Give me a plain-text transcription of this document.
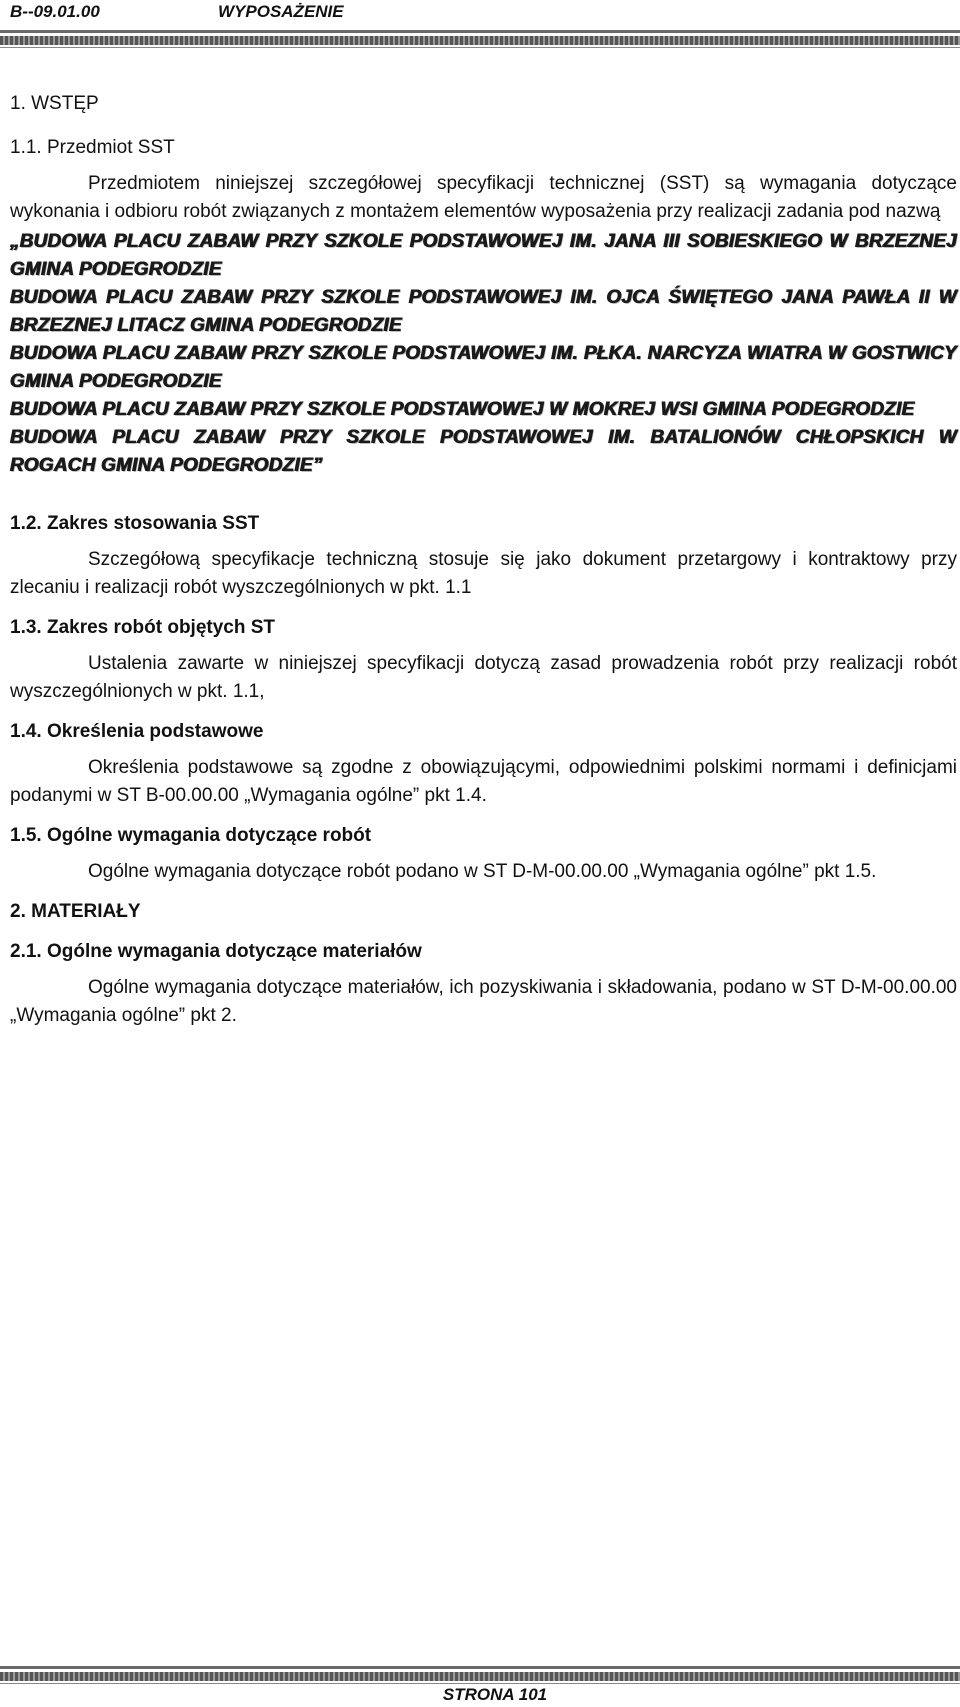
B--09.01.00	WYPOSAŻENIE
1. WSTĘP
1.1. Przedmiot SST

Przedmiotem niniejszej szczegółowej specyfikacji technicznej (SST) są wymagania dotyczące wykonania i odbioru robót związanych z montażem elementów wyposażenia przy realizacji zadania pod nazwą

„BUDOWA PLACU ZABAW PRZY SZKOLE PODSTAWOWEJ IM. JANA III SOBIESKIEGO W BRZEZNEJ GMINA PODEGRODZIE

BUDOWA PLACU ZABAW PRZY SZKOLE PODSTAWOWEJ IM. OJCA ŚWIĘTEGO JANA PAWŁA II W BRZEZNEJ LITACZ GMINA PODEGRODZIE

BUDOWA PLACU ZABAW PRZY SZKOLE PODSTAWOWEJ IM. PŁKA. NARCYZA WIATRA W GOSTWICY GMINA PODEGRODZIE

BUDOWA PLACU ZABAW PRZY SZKOLE PODSTAWOWEJ W MOKREJ WSI GMINA PODEGRODZIE

BUDOWA PLACU ZABAW PRZY SZKOLE PODSTAWOWEJ IM. BATALIONÓW CHŁOPSKICH W ROGACH GMINA PODEGRODZIE”

1.2. Zakres stosowania SST

Szczegółową specyfikacje techniczną stosuje się jako dokument przetargowy i kontraktowy przy zlecaniu i realizacji robót wyszczególnionych w pkt. 1.1

1.3. Zakres robót objętych ST

Ustalenia zawarte w niniejszej specyfikacji dotyczą zasad prowadzenia robót przy realizacji robót wyszczególnionych w pkt. 1.1,

1.4. Określenia podstawowe

Określenia podstawowe są zgodne z obowiązującymi, odpowiednimi polskimi normami i definicjami podanymi w ST B-00.00.00 „Wymagania ogólne” pkt 1.4.

1.5. Ogólne wymagania dotyczące robót

Ogólne wymagania dotyczące robót podano w ST D-M-00.00.00 „Wymagania ogólne” pkt 1.5.

2. MATERIAŁY
2.1. Ogólne wymagania dotyczące materiałów

Ogólne wymagania dotyczące materiałów, ich pozyskiwania i składowania, podano w ST D-M-00.00.00 „Wymagania ogólne” pkt 2.

STRONA 101
